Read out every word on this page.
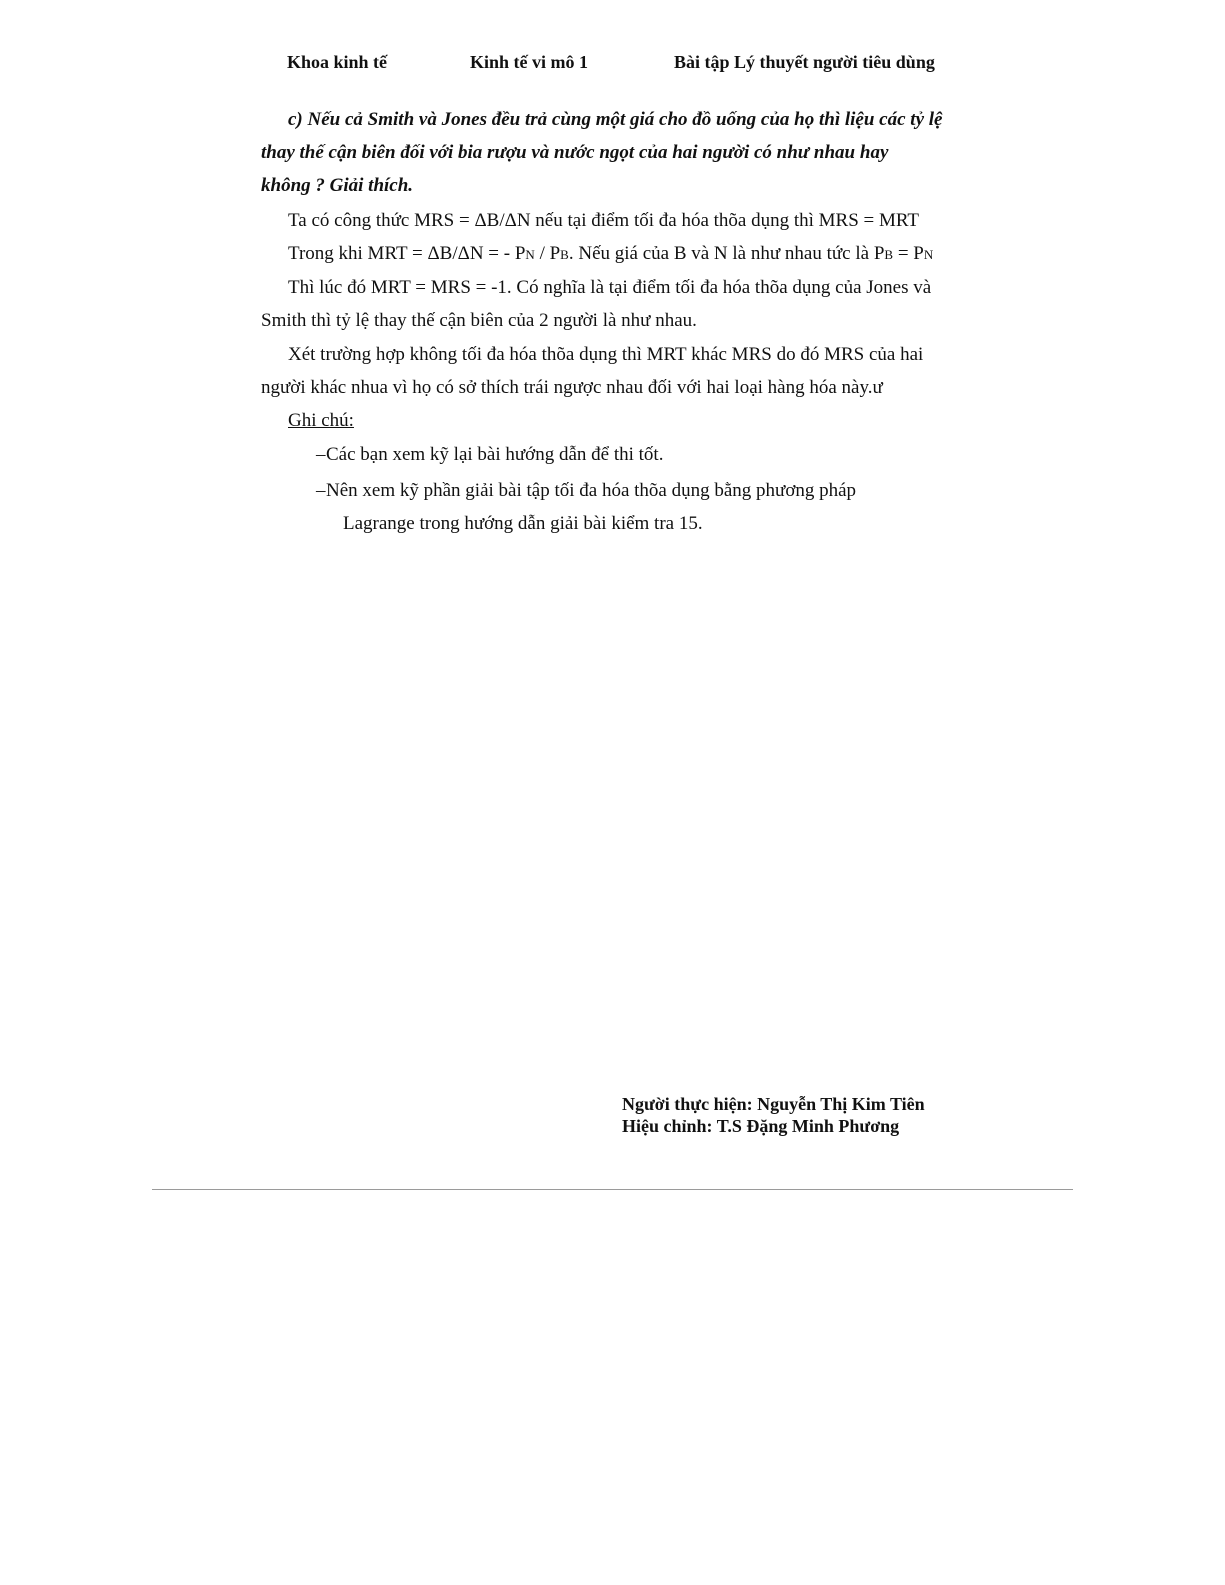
Khoa kinh tế	Kinh tế vi mô 1	Bài tập Lý thuyết người tiêu dùng
c) Nếu cả Smith và Jones đều trả cùng một giá cho đồ uống của họ thì liệu các tỷ lệ
thay thế cận biên đối với bia rượu và nước ngọt của hai người có như nhau hay
không ? Giải thích.
Ta có công thức MRS = ΔB/ΔN nếu tại điểm tối đa hóa thõa dụng thì MRS = MRT
Trong khi MRT = ΔB/ΔN = - PN / PB. Nếu giá của B và N là như nhau tức là PB = PN
Thì lúc đó MRT = MRS = -1. Có nghĩa là tại điểm tối đa hóa thõa dụng của Jones và
Smith thì tỷ lệ thay thế cận biên của 2 người là như nhau.
Xét trường hợp không tối đa hóa thõa dụng thì MRT khác MRS do đó MRS của hai
người khác nhua vì họ có sở thích trái ngược nhau đối với hai loại hàng hóa này.ư
Ghi chú:
–Các bạn xem kỹ lại bài hướng dẫn để thi tốt.
–Nên xem kỹ phần giải bài tập tối đa hóa thõa dụng bằng phương pháp
Lagrange trong hướng dẫn giải bài kiểm tra 15.
Người thực hiện: Nguyễn Thị Kim Tiên
Hiệu chỉnh: T.S Đặng Minh Phương
